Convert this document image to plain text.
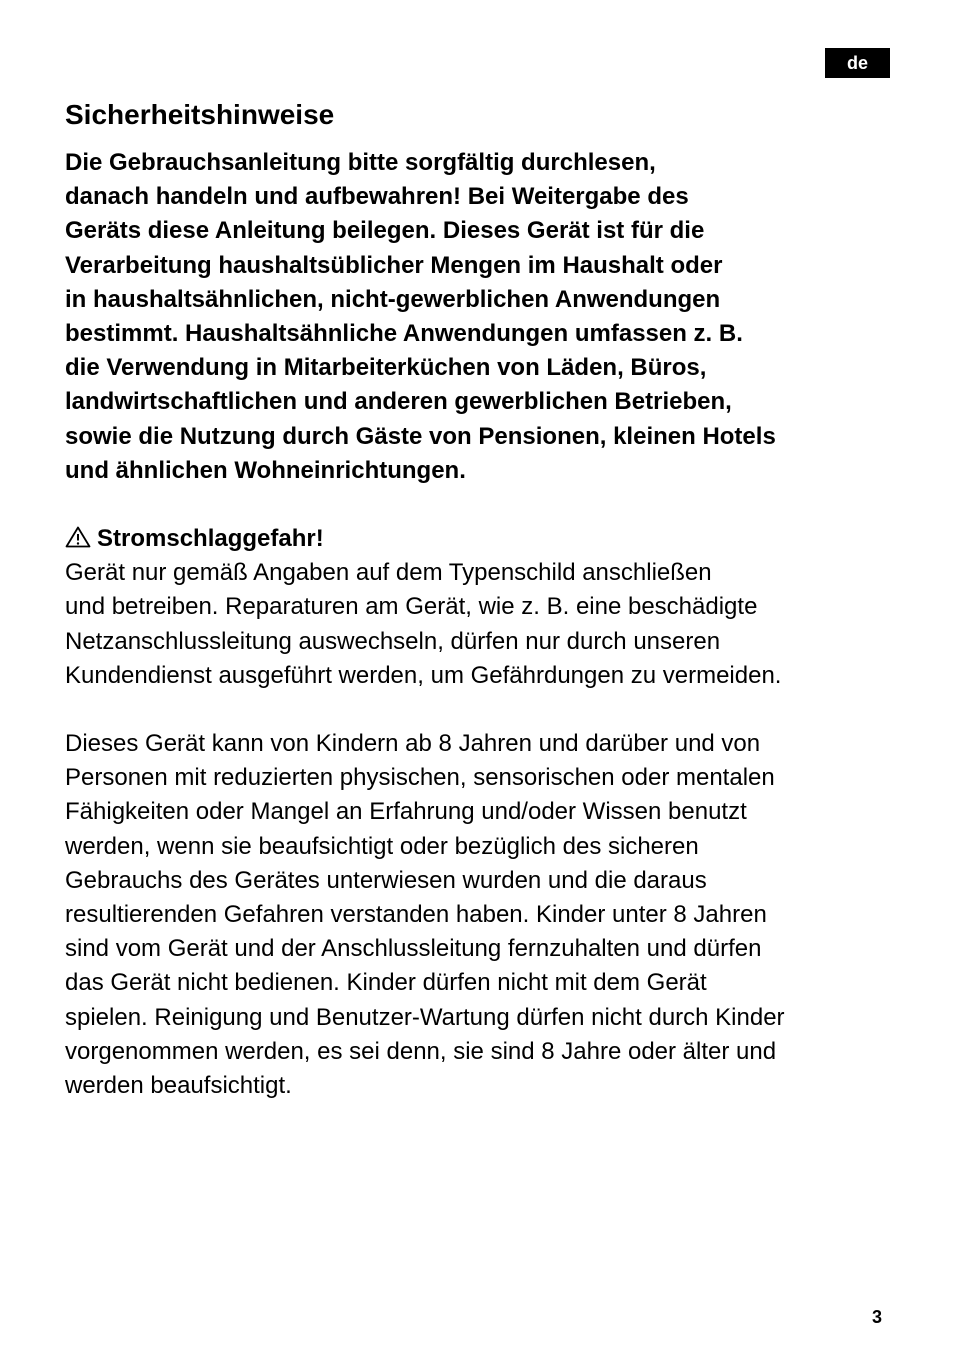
de
Sicherheitshinweise

Die Gebrauchsanleitung bitte sorgfältig durchlesen,
danach handeln und aufbewahren! Bei Weitergabe des
Geräts diese Anleitung beilegen. Dieses Gerät ist für die
Verarbeitung haushaltsüblicher Mengen im Haushalt oder
in haushaltsähnlichen, nicht-gewerblichen Anwendungen
bestimmt. Haushaltsähnliche Anwendungen umfassen z. B.
die Verwendung in Mitarbeiterküchen von Läden, Büros,
landwirtschaftlichen und anderen gewerblichen Betrieben,
sowie die Nutzung durch Gäste von Pensionen, kleinen Hotels
und ähnlichen Wohneinrichtungen.

Stromschlaggefahr!

Gerät nur gemäß Angaben auf dem Typenschild anschließen
und betreiben. Reparaturen am Gerät, wie z. B. eine beschädigte
Netzanschlussleitung auswechseln, dürfen nur durch unseren
Kundendienst ausgeführt werden, um Gefährdungen zu vermeiden.

Dieses Gerät kann von Kindern ab 8 Jahren und darüber und von
Personen mit reduzierten physischen, sensorischen oder mentalen
Fähigkeiten oder Mangel an Erfahrung und/oder Wissen benutzt
werden, wenn sie beaufsichtigt oder bezüglich des sicheren
Gebrauchs des Gerätes unterwiesen wurden und die daraus
resultierenden Gefahren verstanden haben. Kinder unter 8 Jahren
sind vom Gerät und der Anschlussleitung fernzuhalten und dürfen
das Gerät nicht bedienen. Kinder dürfen nicht mit dem Gerät
spielen. Reinigung und Benutzer-Wartung dürfen nicht durch Kinder
vorgenommen werden, es sei denn, sie sind 8 Jahre oder älter und
werden beaufsichtigt.

3
